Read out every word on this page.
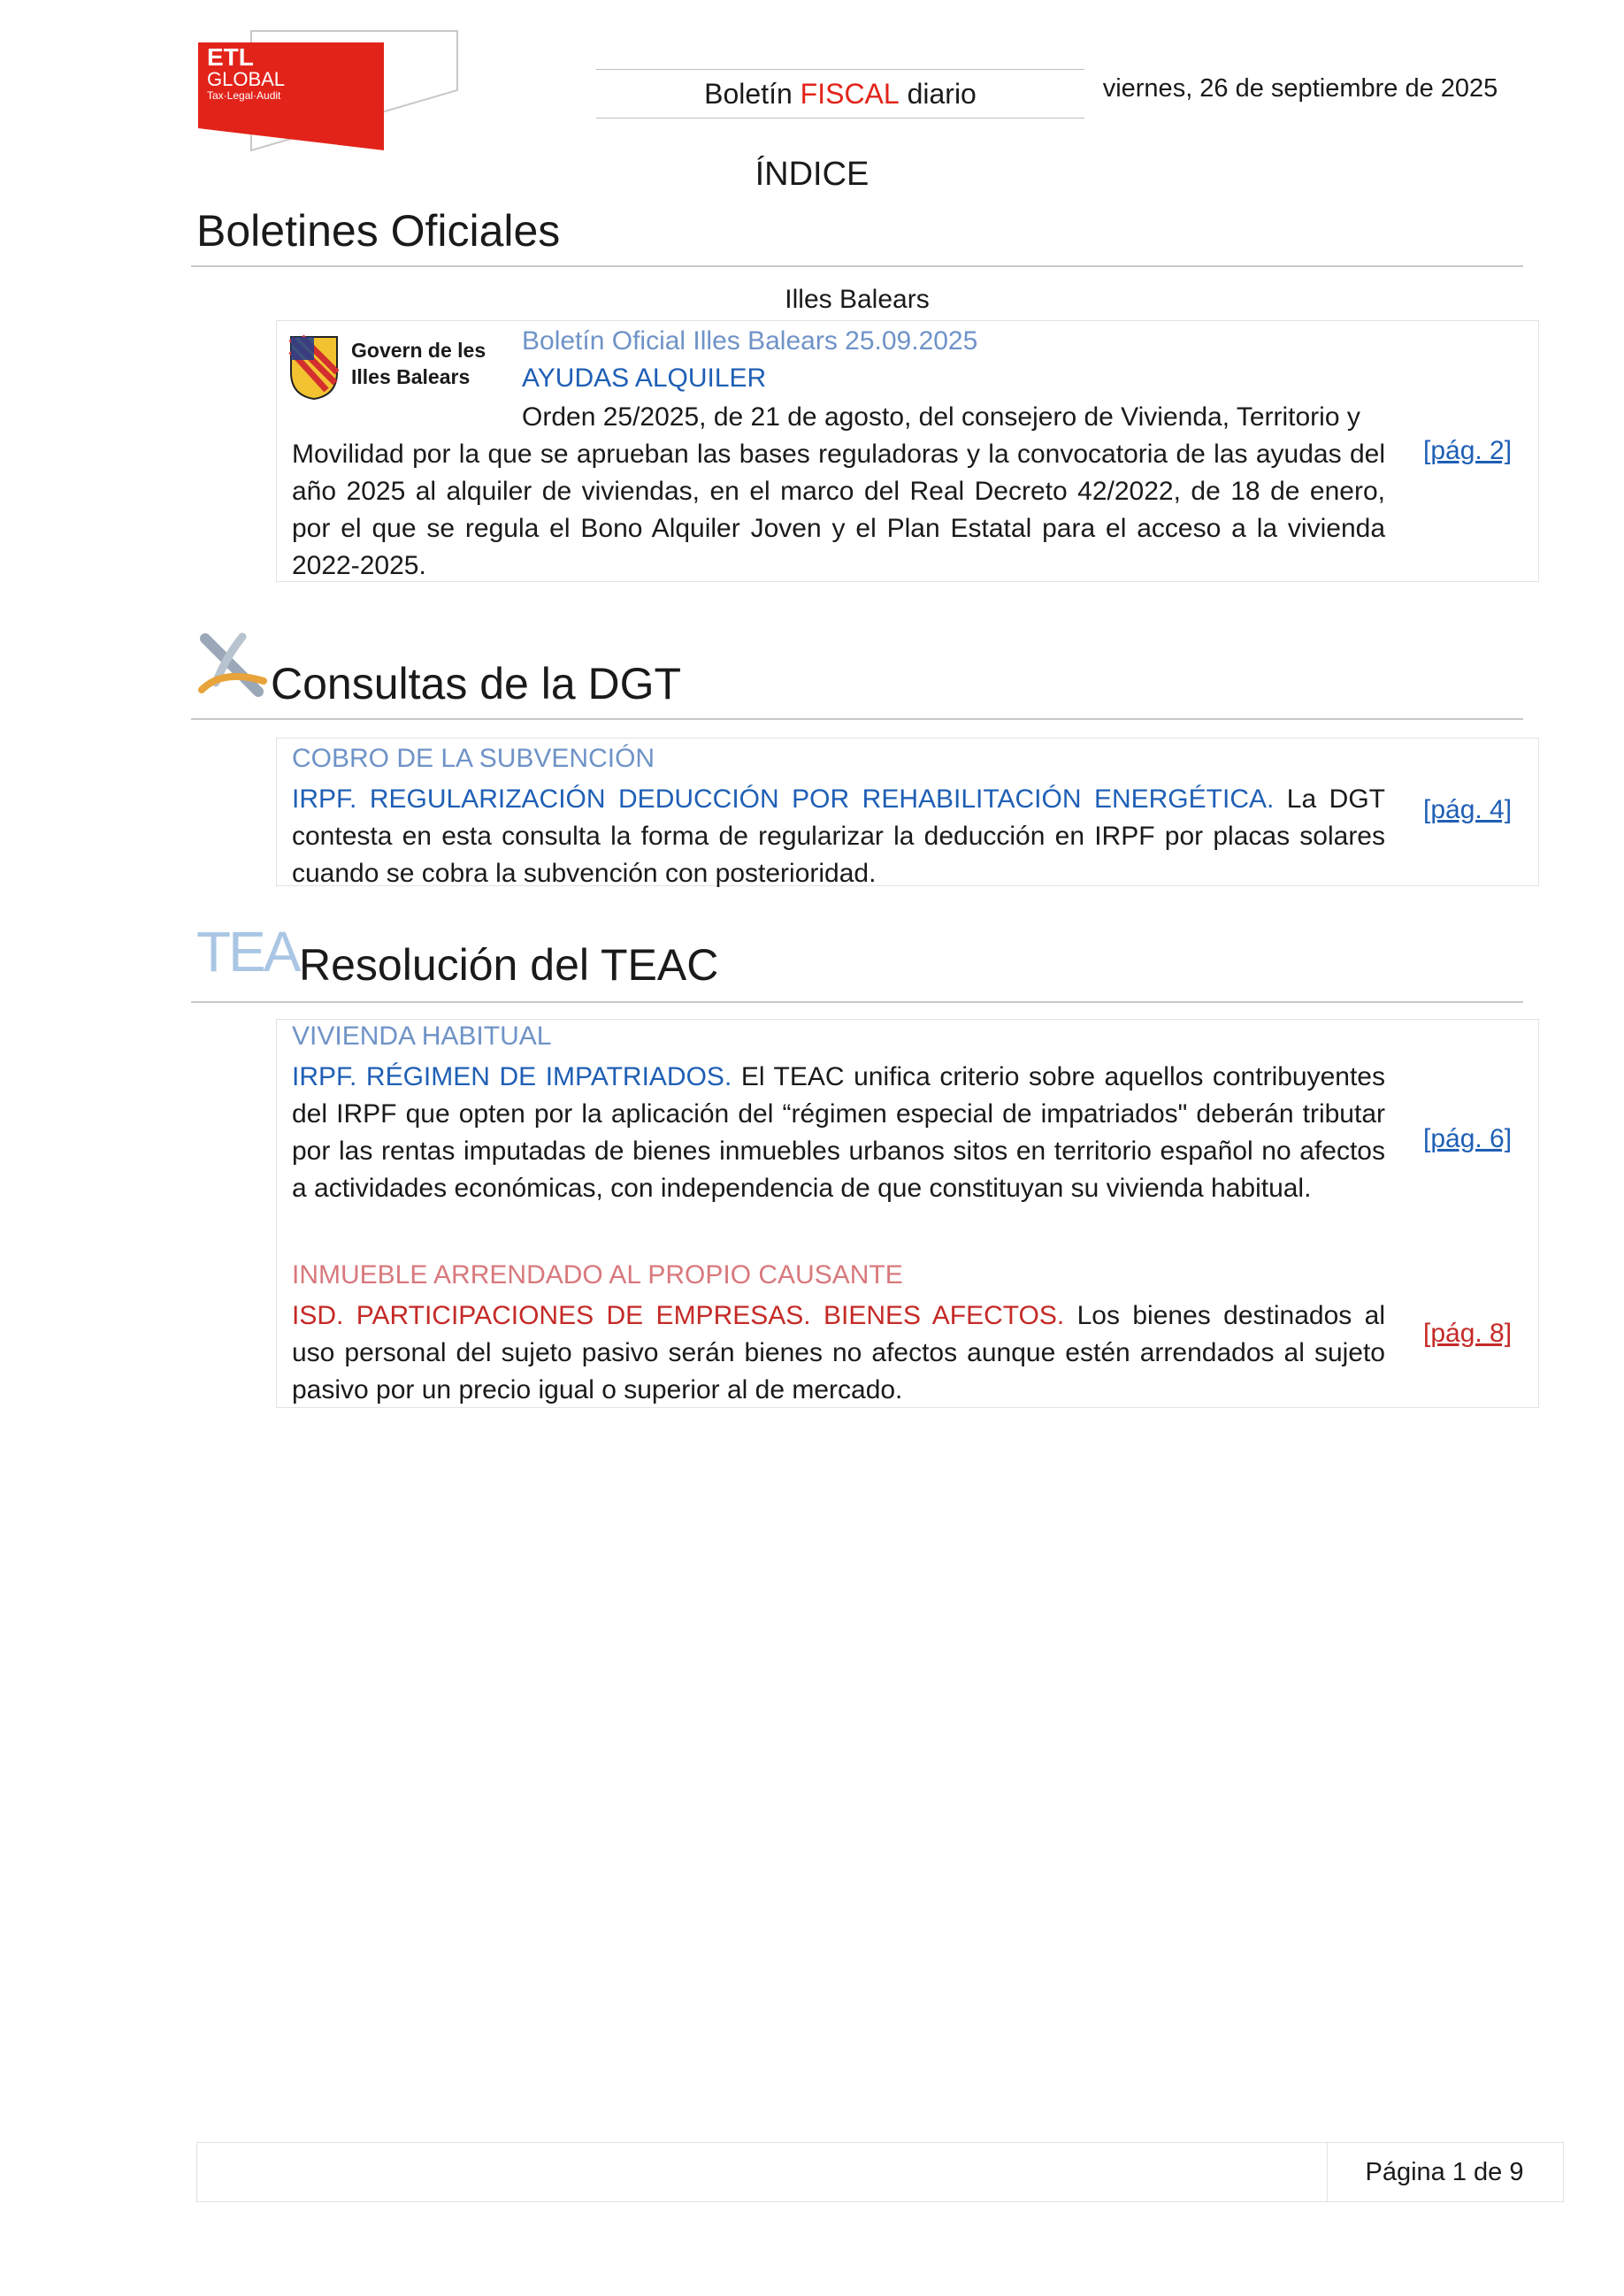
ETL
GLOBAL
Tax·Legal·Audit	Boletín
FISCAL
diario	viernes, 26 de septiembre de 2025
ÍNDICE
Boletines Oficiales
Illes Balears
Govern de les
Illes Balears
Boletín Oficial Illes Balears 25.09.2025
AYUDAS ALQUILER
Orden 25/2025, de 21 de agosto, del consejero de Vivienda, Territorio y
Movilidad por la que se aprueban las bases reguladoras y la convocatoria de las ayudas del año 2025 al alquiler de viviendas, en el marco del Real Decreto 42/2022, de 18 de enero, por el que se regula el Bono Alquiler Joven y el Plan Estatal para el acceso a la vivienda 2022-2025.
[pág. 2]
Consultas de la DGT
COBRO DE LA SUBVENCIÓN
IRPF. REGULARIZACIÓN DEDUCCIÓN POR REHABILITACIÓN ENERGÉTICA. La DGT contesta en esta consulta la forma de regularizar la deducción en IRPF por placas solares cuando se cobra la subvención con posterioridad.
[pág. 4]
TEA Resolución del TEAC
VIVIENDA HABITUAL
IRPF. RÉGIMEN DE IMPATRIADOS. El TEAC unifica criterio sobre aquellos contribuyentes del IRPF que opten por la aplicación del “régimen especial de impatriados" deberán tributar por las rentas imputadas de bienes inmuebles urbanos sitos en territorio español no afectos a actividades económicas, con independencia de que constituyan su vivienda habitual.
[pág. 6]
INMUEBLE ARRENDADO AL PROPIO CAUSANTE
ISD. PARTICIPACIONES DE EMPRESAS. BIENES AFECTOS. Los bienes destinados al uso personal del sujeto pasivo serán bienes no afectos aunque estén arrendados al sujeto pasivo por un precio igual o superior al de mercado.
[pág. 8]
Página 1 de 9
